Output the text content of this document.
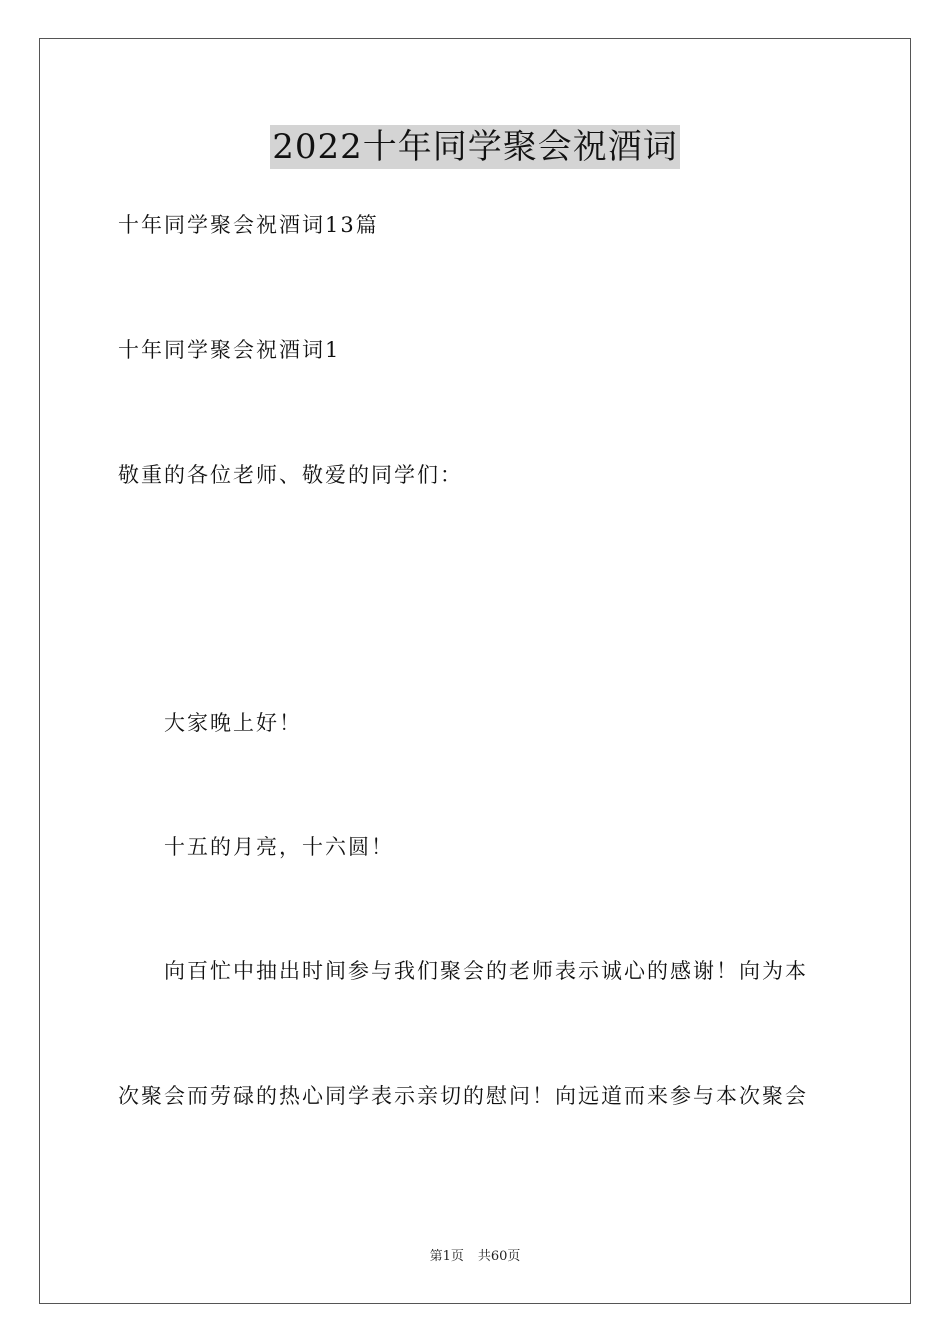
2022十年同学聚会祝酒词
十年同学聚会祝酒词13篇
十年同学聚会祝酒词1
敬重的各位老师、敬爱的同学们：
大家晚上好！
十五的月亮，十六圆！
向百忙中抽出时间参与我们聚会的老师表示诚心的感谢！向为本
次聚会而劳碌的热心同学表示亲切的慰问！向远道而来参与本次聚会
第1页 共60页
